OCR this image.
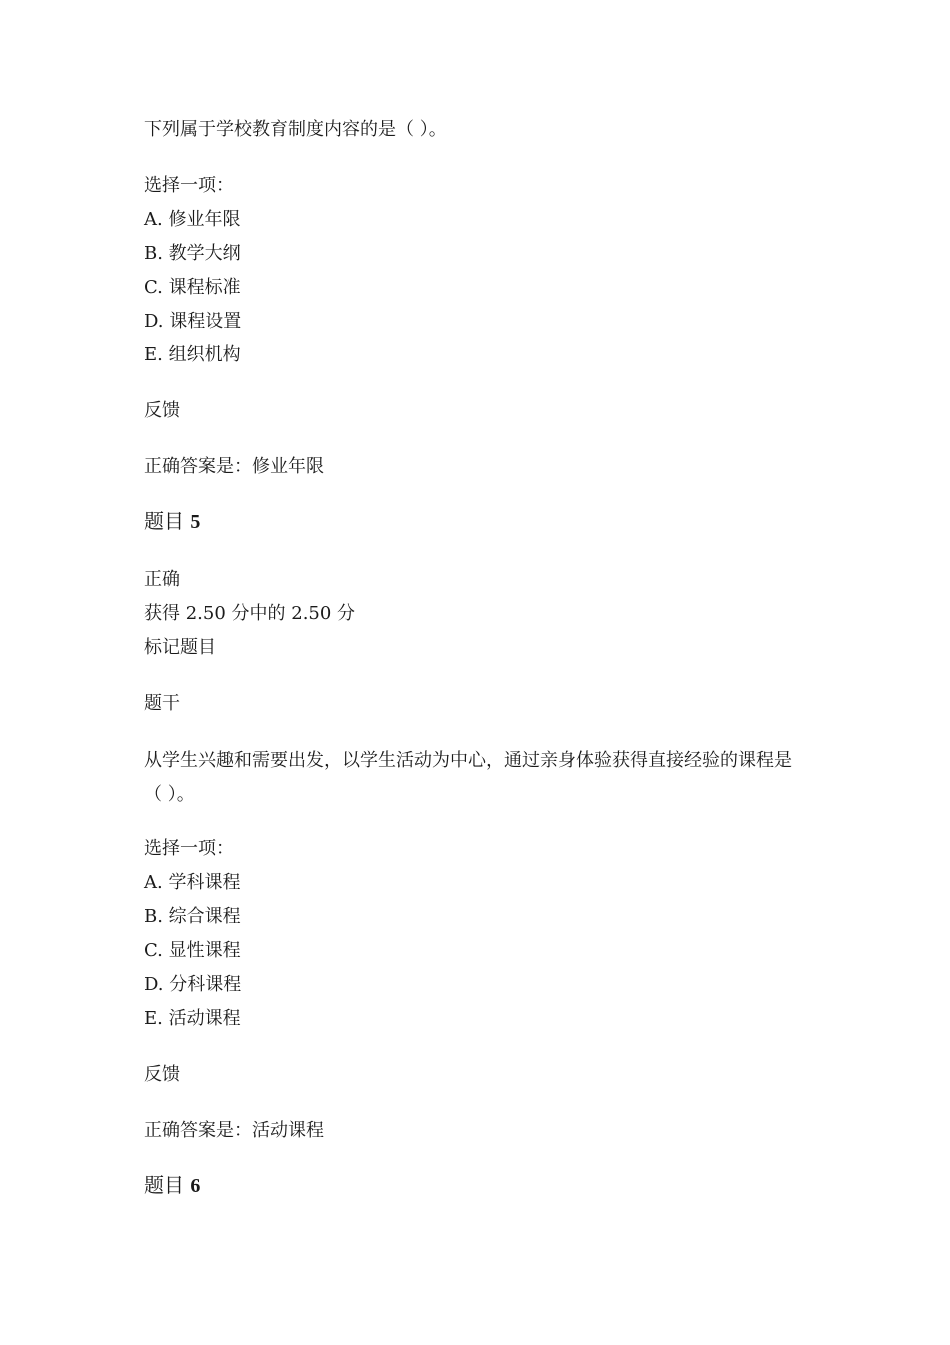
下列属于学校教育制度内容的是（ ）。
选择一项：
A. 修业年限
B. 教学大纲
C. 课程标准
D. 课程设置
E. 组织机构
反馈
正确答案是：修业年限
题目 5
正确
获得 2.50 分中的 2.50 分
标记题目
题干
从学生兴趣和需要出发，以学生活动为中心，通过亲身体验获得直接经验的课程是（ ）。
选择一项：
A. 学科课程
B. 综合课程
C. 显性课程
D. 分科课程
E. 活动课程
反馈
正确答案是：活动课程
题目 6
